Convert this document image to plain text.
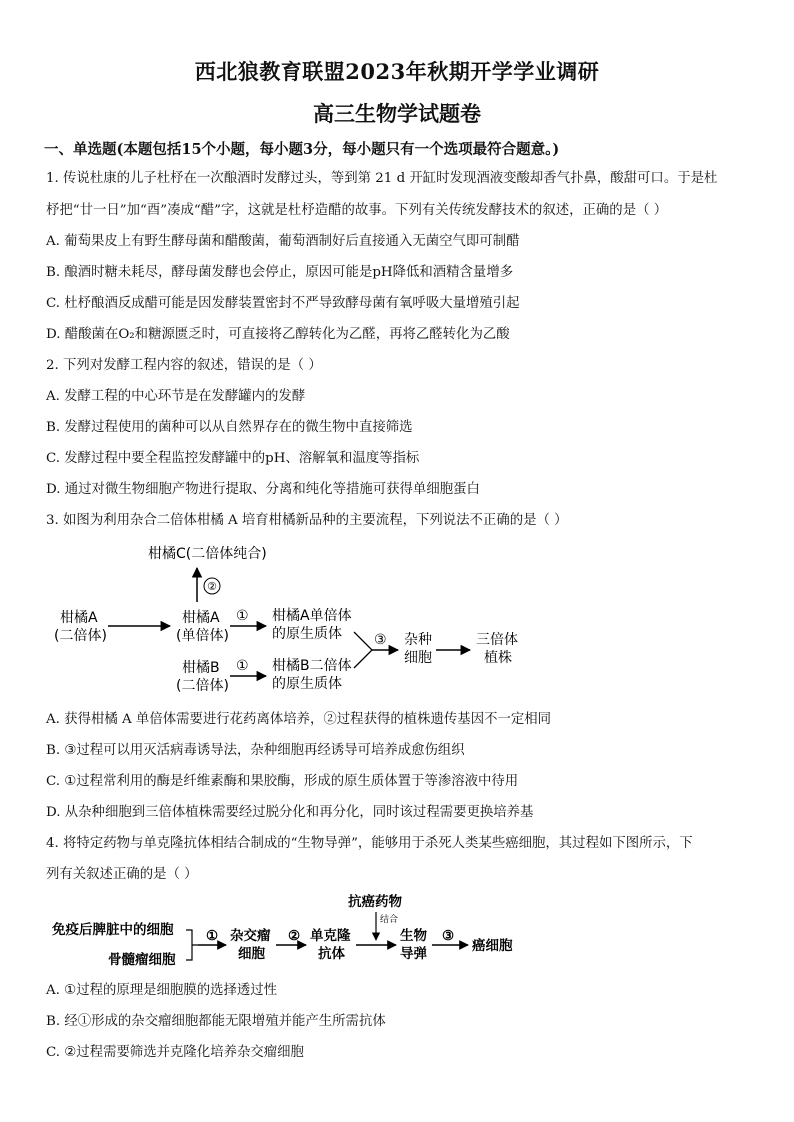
西北狼教育联盟2023年秋期开学学业调研
高三生物学试题卷
一、单选题(本题包括15个小题，每小题3分，每小题只有一个选项最符合题意。)
1. 传说杜康的儿子杜杼在一次酿酒时发酵过头，等到第 21 d 开缸时发现酒液变酸却香气扑鼻，酸甜可口。于是杜
杼把“廿一日”加“酉”凑成“醋”字，这就是杜杼造醋的故事。下列有关传统发酵技术的叙述，正确的是（ ）
A. 葡萄果皮上有野生酵母菌和醋酸菌，葡萄酒制好后直接通入无菌空气即可制醋
B. 酿酒时糖未耗尽，酵母菌发酵也会停止，原因可能是pH降低和酒精含量增多
C. 杜杼酿酒反成醋可能是因发酵装置密封不严导致酵母菌有氧呼吸大量增殖引起
D. 醋酸菌在O₂和糖源匮乏时，可直接将乙醇转化为乙醛，再将乙醛转化为乙酸
2. 下列对发酵工程内容的叙述，错误的是（ ）
A. 发酵工程的中心环节是在发酵罐内的发酵
B. 发酵过程使用的菌种可以从自然界存在的微生物中直接筛选
C. 发酵过程中要全程监控发酵罐中的pH、溶解氧和温度等指标
D. 通过对微生物细胞产物进行提取、分离和纯化等措施可获得单细胞蛋白
3. 如图为利用杂合二倍体柑橘 A 培育柑橘新品种的主要流程，下列说法不正确的是（ ）
柑橘C(二倍体纯合)
②
柑橘A
(二倍体)
柑橘A
(单倍体)
① 柑橘A单倍体
的原生质体
柑橘B
(二倍体)
① 柑橘B二倍体
的原生质体
③ 杂种
细胞
三倍体
植株
A. 获得柑橘 A 单倍体需要进行花药离体培养，②过程获得的植株遗传基因不一定相同
B. ③过程可以用灭活病毒诱导法，杂种细胞再经诱导可培养成愈伤组织
C. ①过程常利用的酶是纤维素酶和果胶酶，形成的原生质体置于等渗溶液中待用
D. 从杂种细胞到三倍体植株需要经过脱分化和再分化，同时该过程需要更换培养基
4. 将特定药物与单克隆抗体相结合制成的“生物导弹”，能够用于杀死人类某些癌细胞，其过程如下图所示，下
列有关叙述正确的是（ ）
免疫后脾脏中的细胞
骨髓瘤细胞
① 杂交瘤
细胞
② 单克隆
抗体
抗癌药物
结合
生物
导弹
③
癌细胞
A. ①过程的原理是细胞膜的选择透过性
B. 经①形成的杂交瘤细胞都能无限增殖并能产生所需抗体
C. ②过程需要筛选并克隆化培养杂交瘤细胞
